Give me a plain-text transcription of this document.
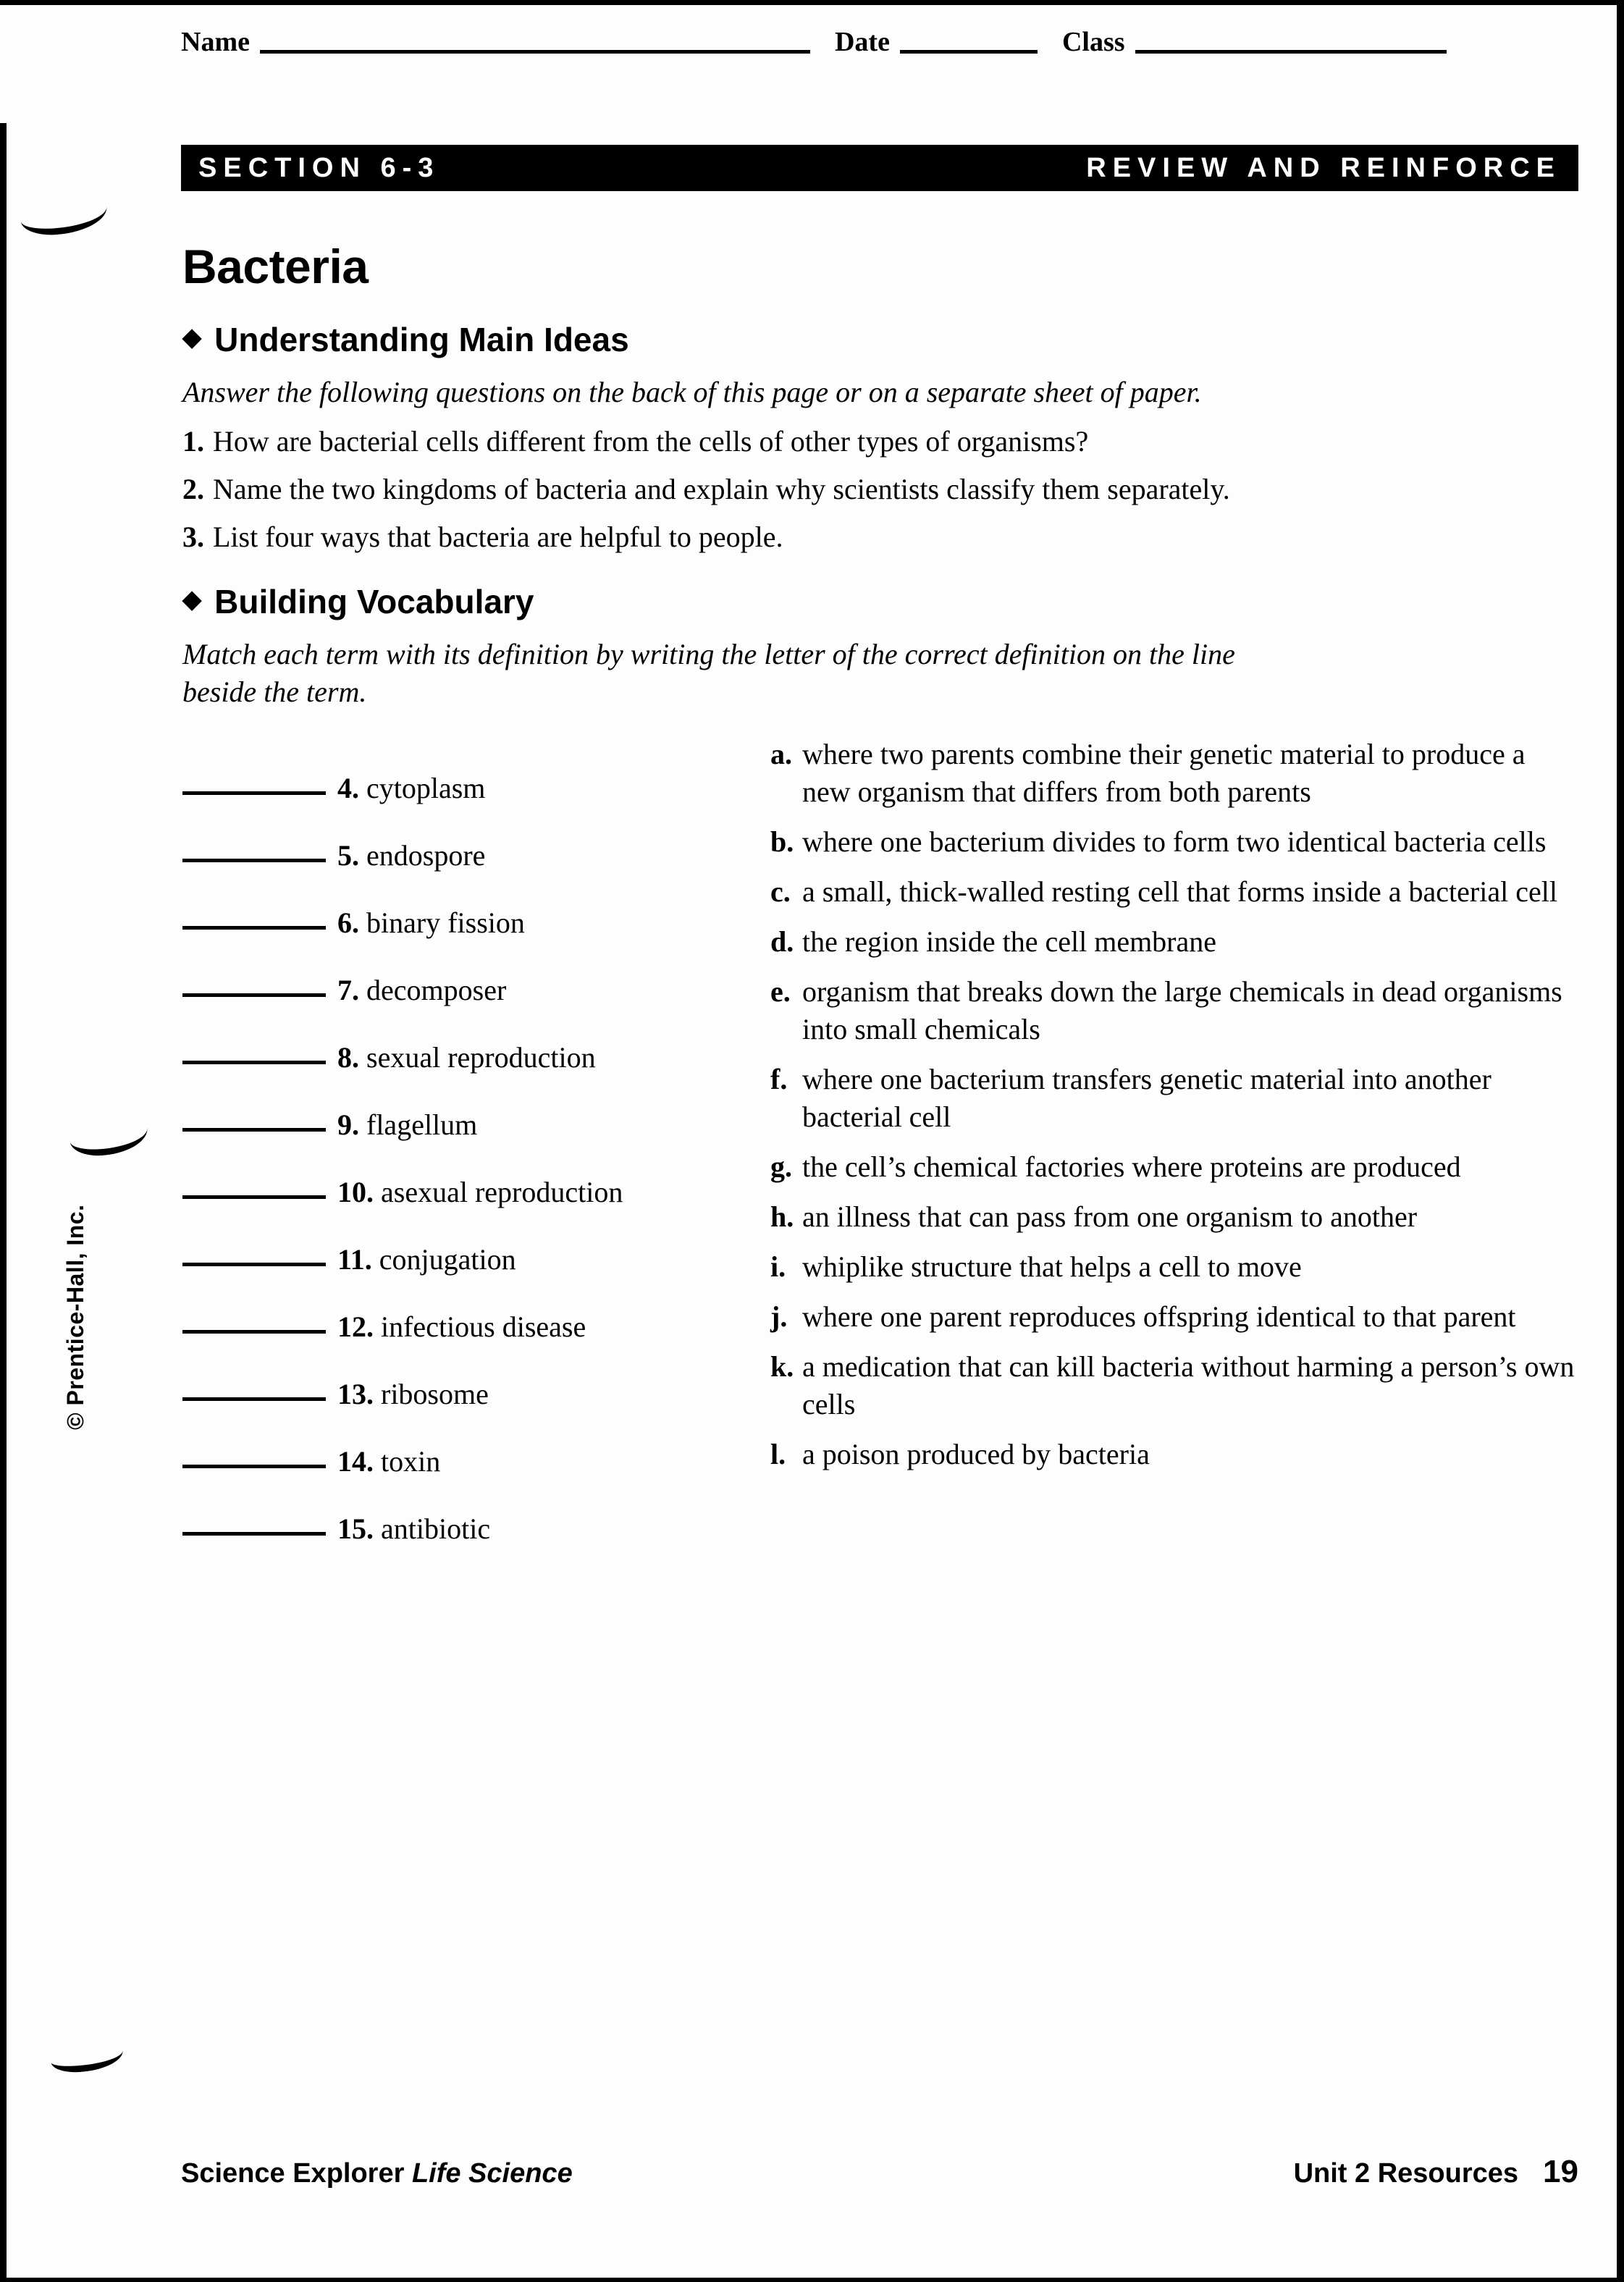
Name	Date	Class
SECTION 6-3	REVIEW AND REINFORCE
Bacteria
◆ Understanding Main Ideas

Answer the following questions on the back of this page or on a separate sheet of paper.

1. How are bacterial cells different from the cells of other types of organisms?
2. Name the two kingdoms of bacteria and explain why scientists classify them separately.
3. List four ways that bacteria are helpful to people.
◆ Building Vocabulary

Match each term with its definition by writing the letter of the correct definition on the line beside the term.

4. cytoplasm
5. endospore
6. binary fission
7. decomposer
8. sexual reproduction
9. flagellum
10. asexual reproduction
11. conjugation
12. infectious disease
13. ribosome
14. toxin
15. antibiotic
a. where two parents combine their genetic material to produce a new organism that differs from both parents
b. where one bacterium divides to form two identical bacteria cells
c. a small, thick-walled resting cell that forms inside a bacterial cell
d. the region inside the cell membrane
e. organism that breaks down the large chemicals in dead organisms into small chemicals
f. where one bacterium transfers genetic material into another bacterial cell
g. the cell’s chemical factories where proteins are produced
h. an illness that can pass from one organism to another
i. whiplike structure that helps a cell to move
j. where one parent reproduces offspring identical to that parent
k. a medication that can kill bacteria without harming a person’s own cells
l. a poison produced by bacteria
© Prentice-Hall, Inc.
Science Explorer Life Science	Unit 2 Resources 19
